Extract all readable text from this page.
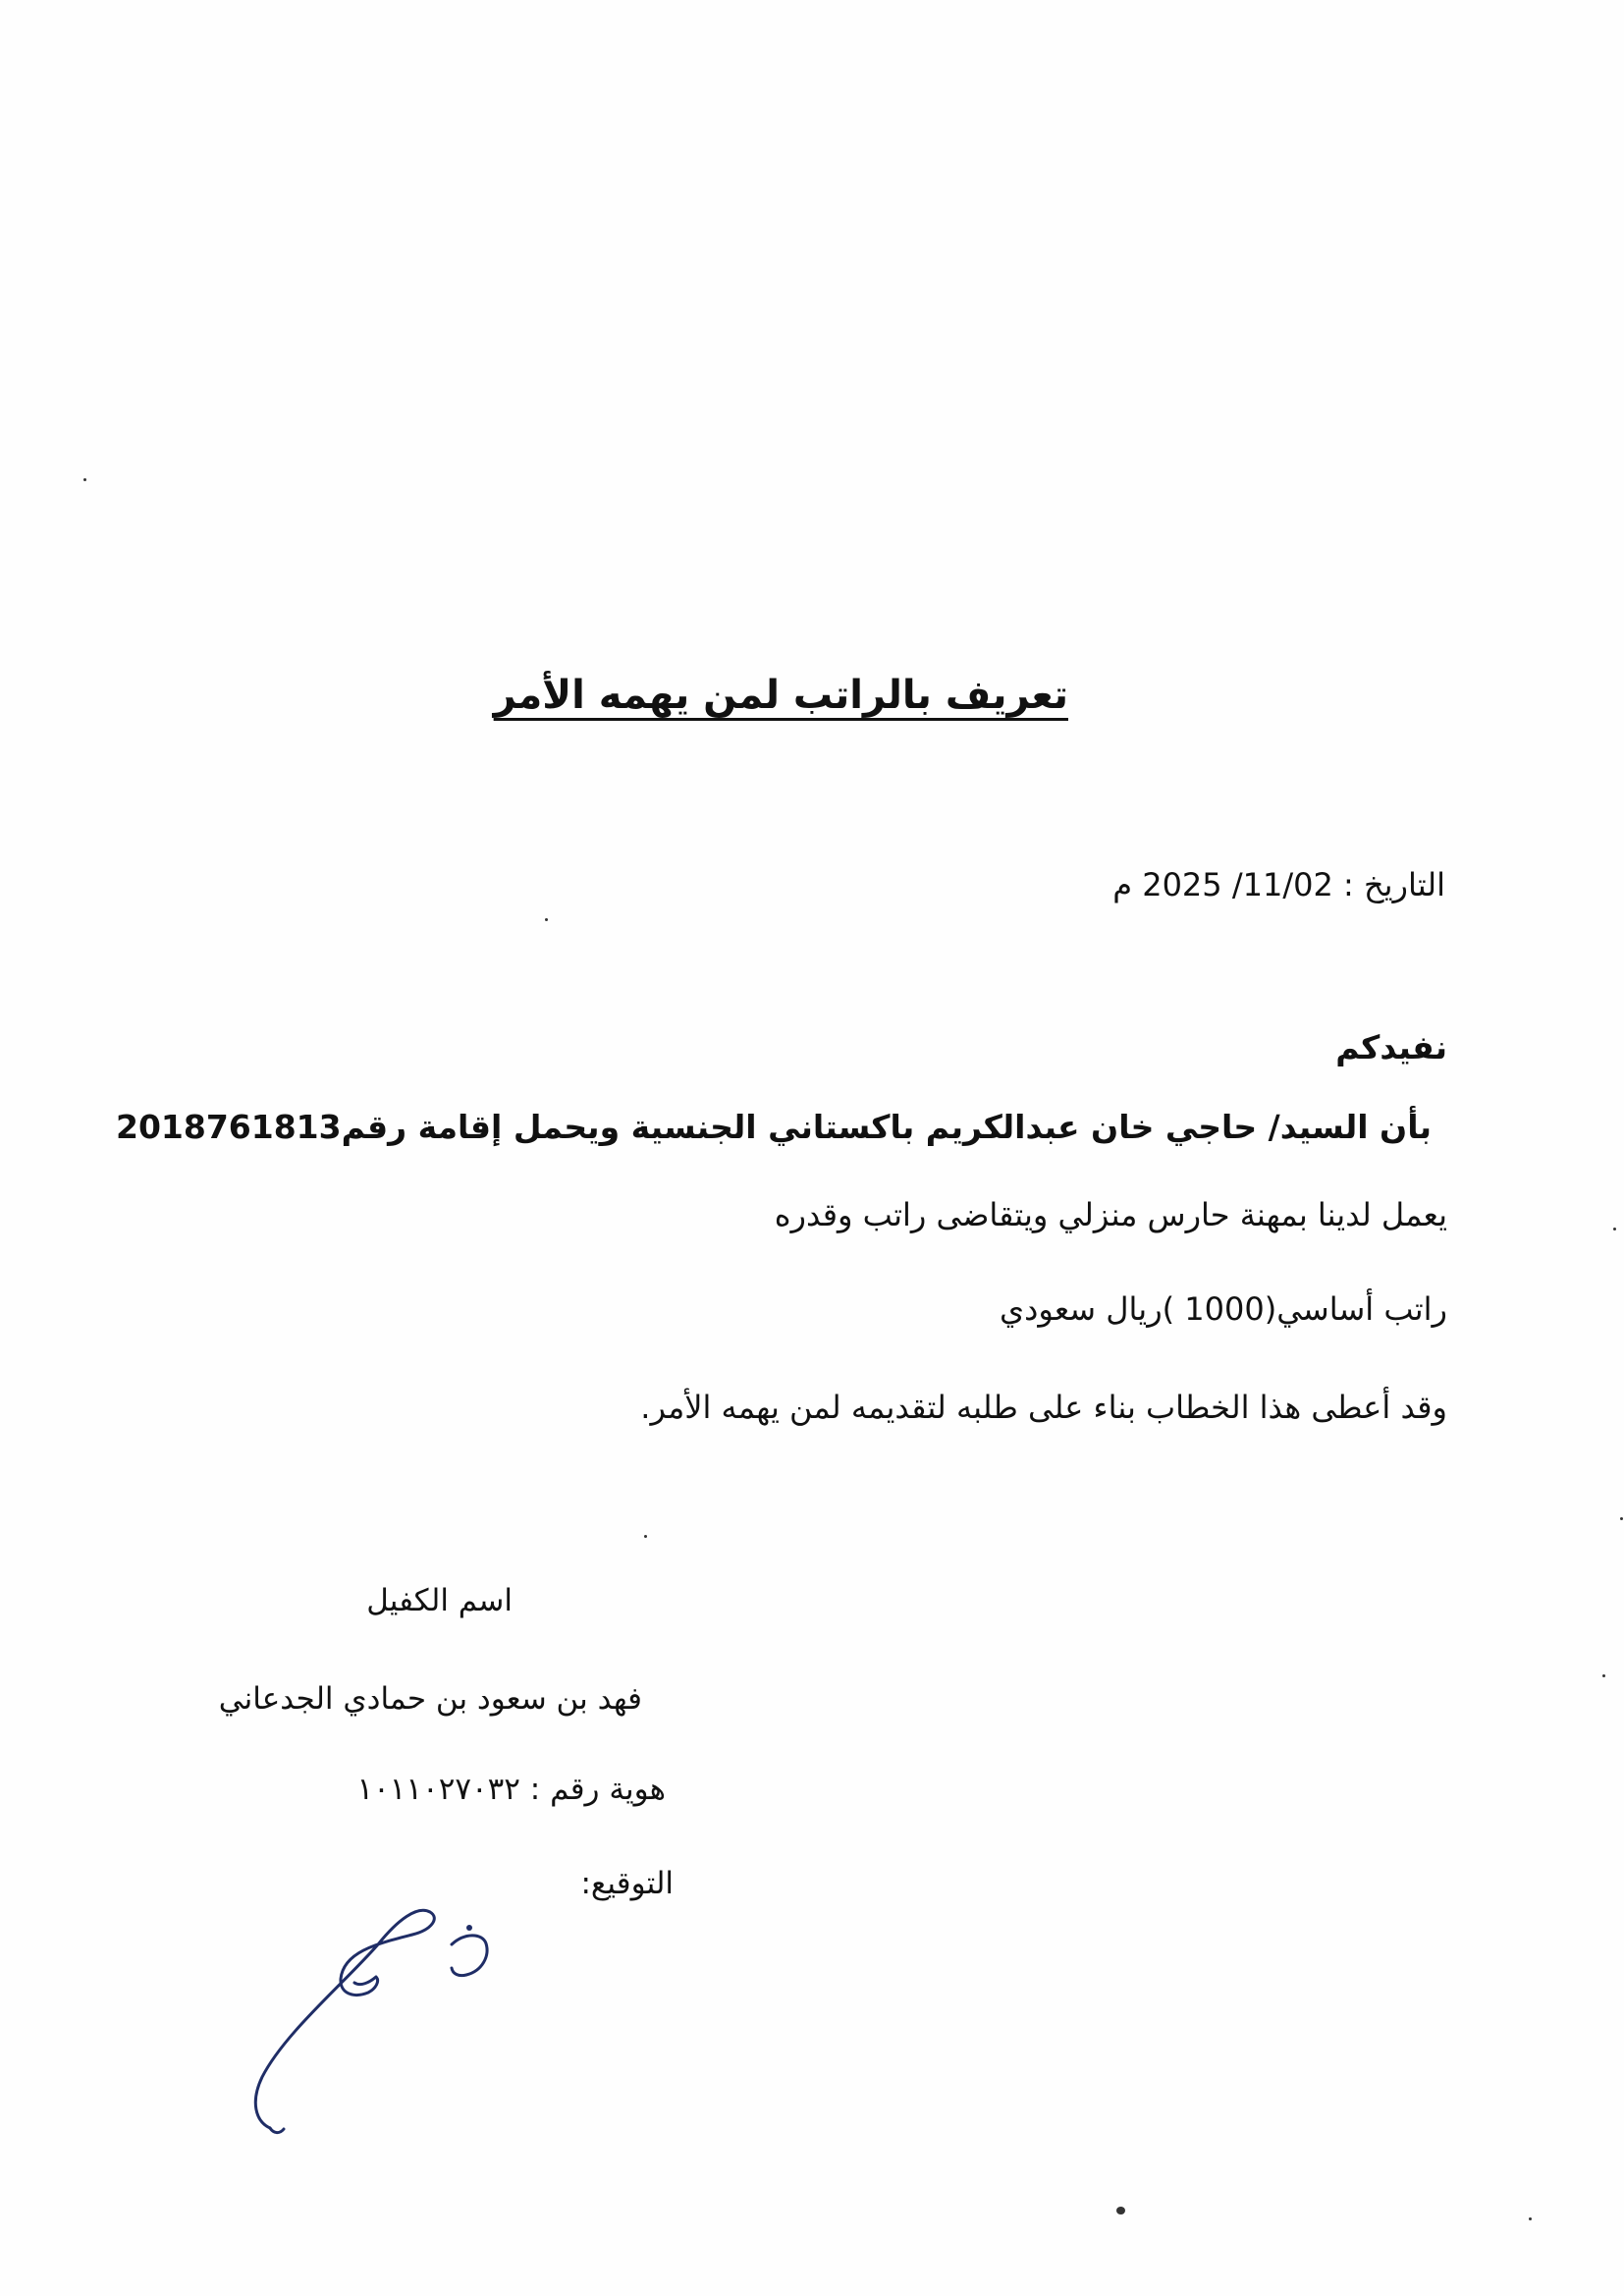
تعريف بالراتب لمن يهمه الأمر
التاريخ : 11/02/ 2025 م
نفيدكم
بأن السيد/ حاجي خان عبدالكريم باكستاني الجنسية ويحمل إقامة رقم2018761813
يعمل لدينا بمهنة حارس منزلي ويتقاضى راتب وقدره
راتب أساسي(1000 )ريال سعودي
وقد أعطى هذا الخطاب بناء على طلبه لتقديمه لمن يهمه الأمر.
اسم الكفيل
فهد بن سعود بن حمادي الجدعاني
هوية رقم : ١٠١١٠٢٧٠٣٢
التوقيع:
